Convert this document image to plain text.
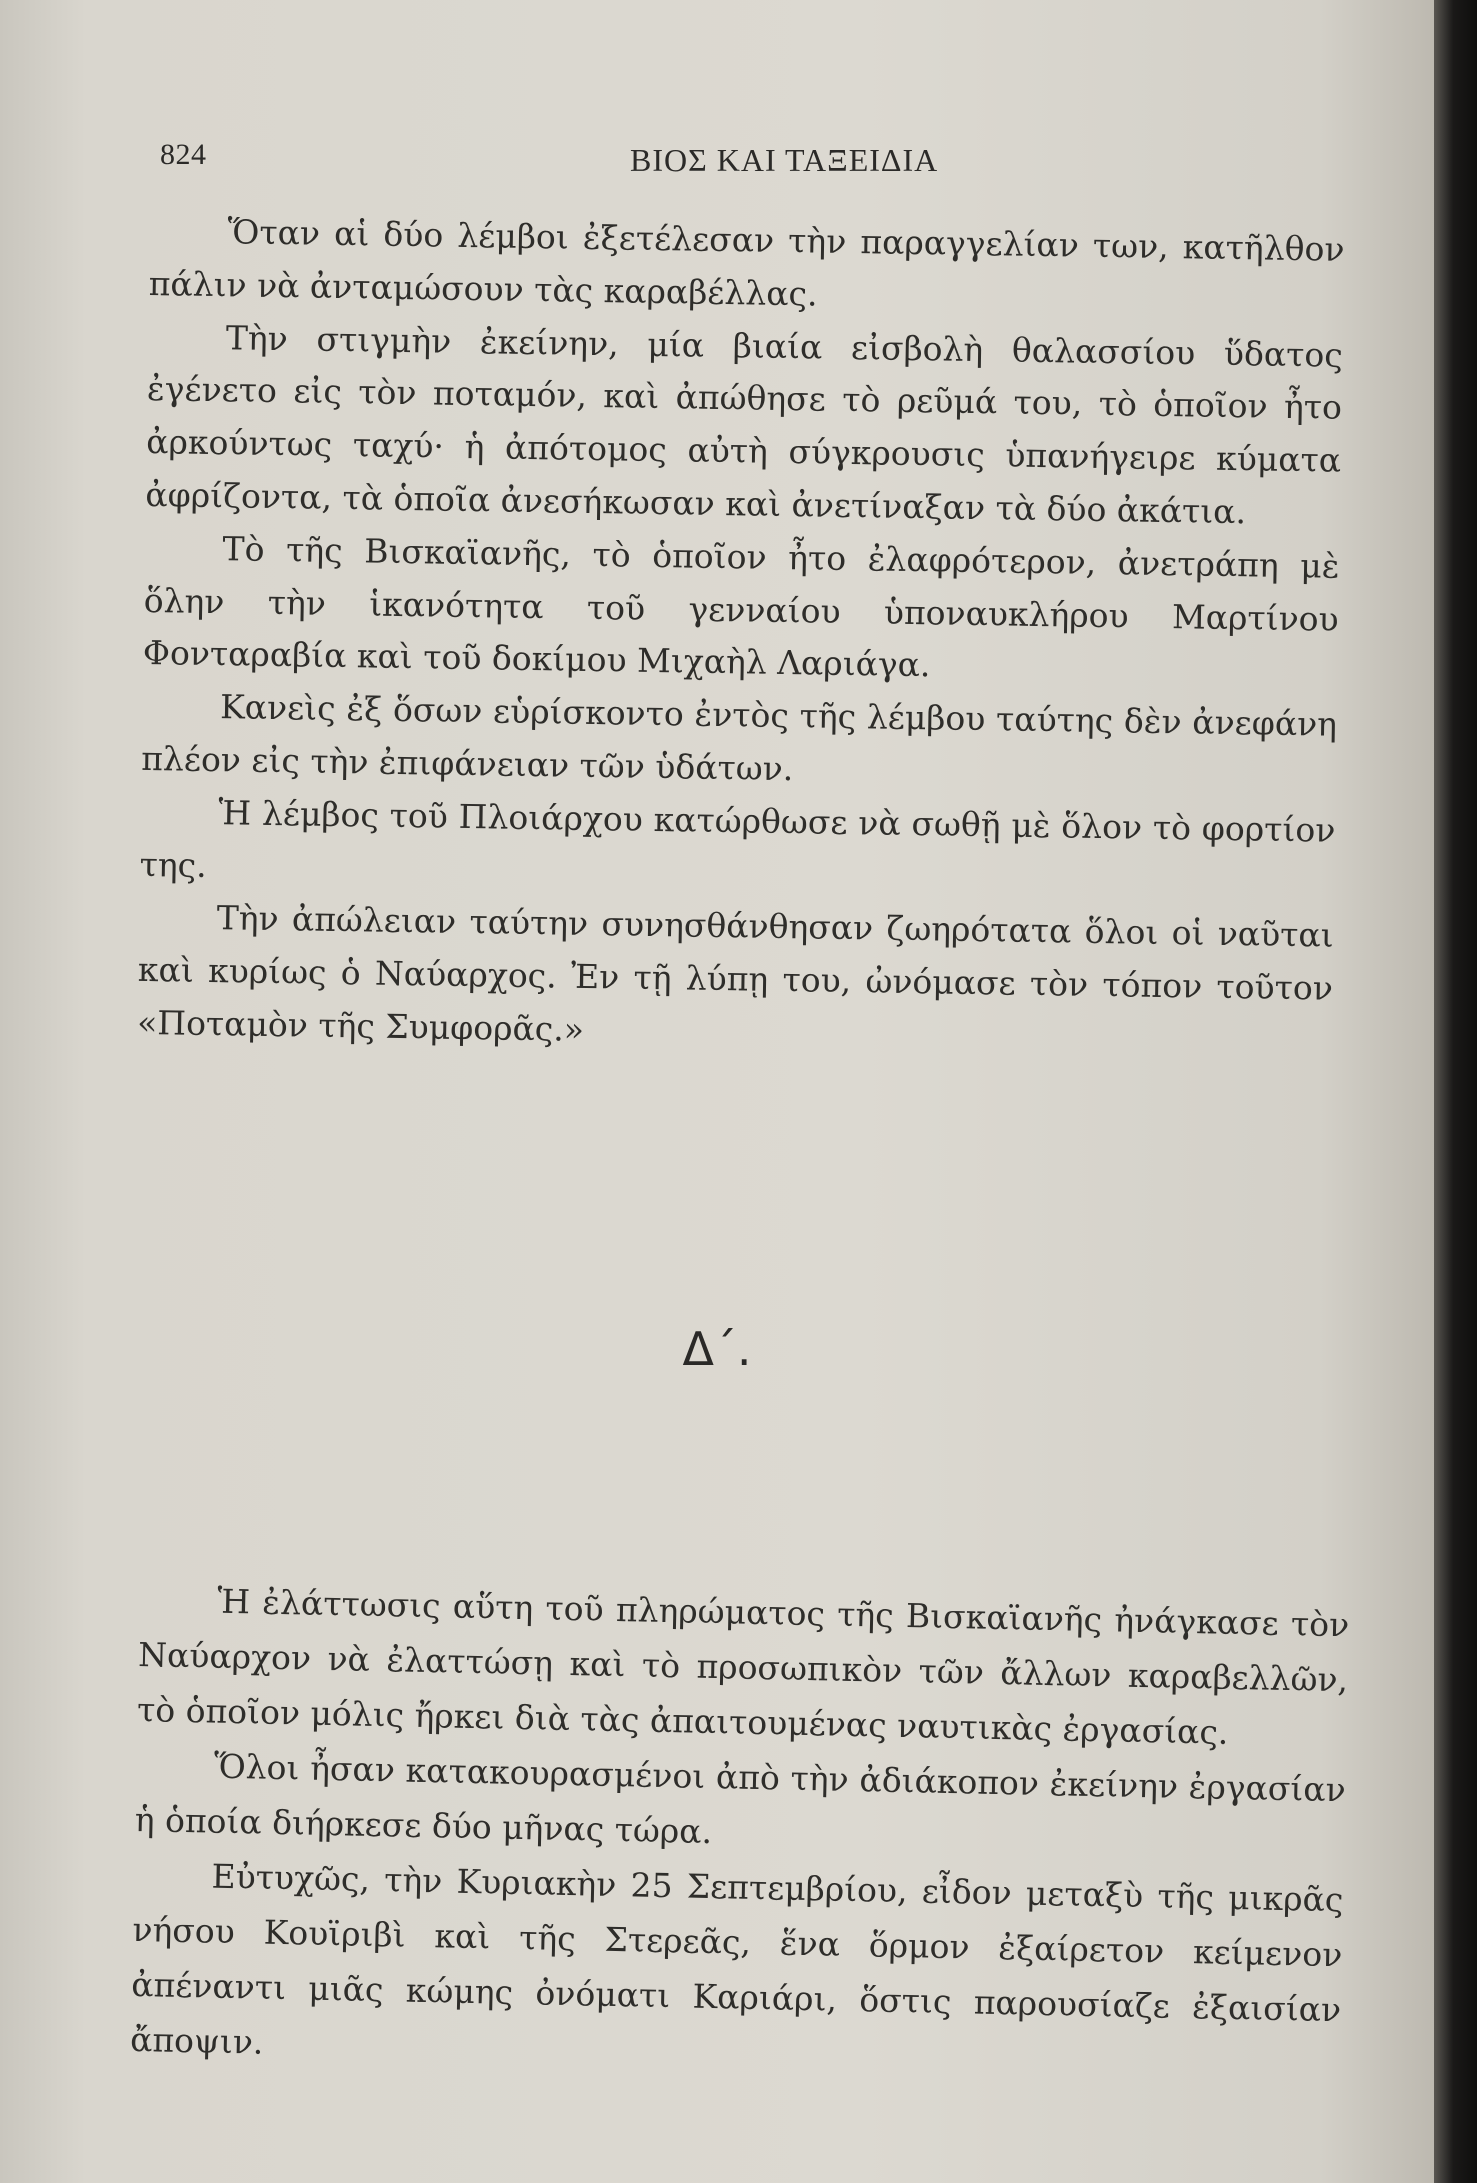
824	ΒΙΟΣ ΚΑΙ ΤΑΞΕΙΔΙΑ

Ὅταν αἱ δύο λέμβοι ἐξετέλεσαν τὴν παραγγελίαν των, κατῆλθον πάλιν νὰ ἀνταμώσουν τὰς καραβέλλας.

Τὴν στιγμὴν ἐκείνην, μία βιαία εἰσβολὴ θαλασσίου ὕδατος ἐγένετο εἰς τὸν ποταμόν, καὶ ἀπώθησε τὸ ρεῦμά του, τὸ ὁποῖον ἦτο ἀρκούντως ταχύ· ἡ ἀπότομος αὐτὴ σύγκρουσις ὑπανήγειρε κύματα ἀφρίζοντα, τὰ ὁποῖα ἀνεσήκωσαν καὶ ἀνετίναξαν τὰ δύο ἀκάτια.

Τὸ τῆς Βισκαϊανῆς, τὸ ὁποῖον ἦτο ἐλαφρότερον, ἀνετράπη μὲ ὅλην τὴν ἱκανότητα τοῦ γενναίου ὑποναυκλήρου Μαρτίνου Φονταραβία καὶ τοῦ δοκίμου Μιχαὴλ Λαριάγα.

Κανεὶς ἐξ ὅσων εὑρίσκοντο ἐντὸς τῆς λέμβου ταύτης δὲν ἀνεφάνη πλέον εἰς τὴν ἐπιφάνειαν τῶν ὑδάτων.

Ἡ λέμβος τοῦ Πλοιάρχου κατώρθωσε νὰ σωθῇ μὲ ὅλον τὸ φορτίον της.

Τὴν ἀπώλειαν ταύτην συνησθάνθησαν ζωηρότατα ὅλοι οἱ ναῦται καὶ κυρίως ὁ Ναύαρχος. Ἐν τῇ λύπῃ του, ὠνόμασε τὸν τόπον τοῦτον «Ποταμὸν τῆς Συμφορᾶς.»

Δ΄.

Ἡ ἐλάττωσις αὕτη τοῦ πληρώματος τῆς Βισκαϊανῆς ἠνάγκασε τὸν Ναύαρχον νὰ ἐλαττώσῃ καὶ τὸ προσωπικὸν τῶν ἄλλων καραβελλῶν, τὸ ὁποῖον μόλις ἤρκει διὰ τὰς ἀπαιτουμένας ναυτικὰς ἐργασίας.

Ὅλοι ἦσαν κατακουρασμένοι ἀπὸ τὴν ἀδιάκοπον ἐκείνην ἐργασίαν ἡ ὁποία διήρκεσε δύο μῆνας τώρα.

Εὐτυχῶς, τὴν Κυριακὴν 25 Σεπτεμβρίου, εἶδον μεταξὺ τῆς μικρᾶς νήσου Κουϊριβὶ καὶ τῆς Στερεᾶς, ἕνα ὅρμον ἐξαίρετον κείμενον ἀπέναντι μιᾶς κώμης ὀνόματι Καριάρι, ὅστις παρουσίαζε ἐξαισίαν ἄποψιν.
